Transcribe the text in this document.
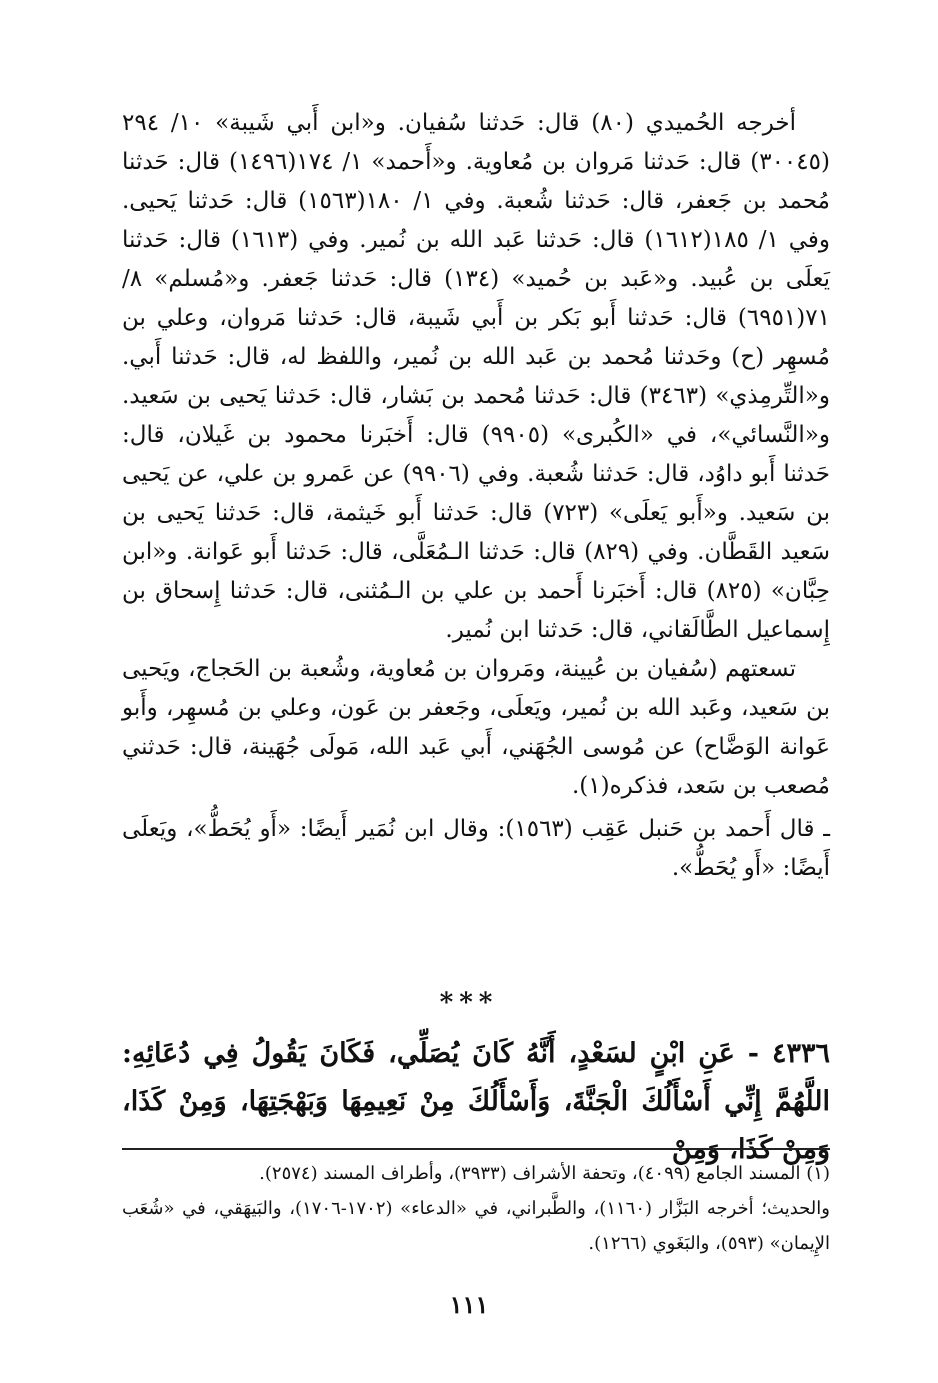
أخرجه الحُميدي (٨٠) قال: حَدثنا سُفيان. و«ابن أَبي شَيبة» ١٠/ ٢٩٤ (٣٠٠٤٥) قال: حَدثنا مَروان بن مُعاوية. و«أَحمد» ١/ ١٧٤(١٤٩٦) قال: حَدثنا مُحمد بن جَعفر، قال: حَدثنا شُعبة. وفي ١/ ١٨٠(١٥٦٣) قال: حَدثنا يَحيى. وفي ١/ ١٨٥(١٦١٢) قال: حَدثنا عَبد الله بن نُمير. وفي (١٦١٣) قال: حَدثنا يَعلَى بن عُبيد. و«عَبد بن حُميد» (١٣٤) قال: حَدثنا جَعفر. و«مُسلم» ٨/ ٧١(٦٩٥١) قال: حَدثنا أَبو بَكر بن أَبي شَيبة، قال: حَدثنا مَروان، وعلي بن مُسهِر (ح) وحَدثنا مُحمد بن عَبد الله بن نُمير، واللفظ له، قال: حَدثنا أَبي. و«التِّرمِذي» (٣٤٦٣) قال: حَدثنا مُحمد بن بَشار، قال: حَدثنا يَحيى بن سَعيد. و«النَّسائي»، في «الكُبرى» (٩٩٠٥) قال: أَخبَرنا محمود بن غَيلان، قال: حَدثنا أَبو داوُد، قال: حَدثنا شُعبة. وفي (٩٩٠٦) عن عَمرو بن علي، عن يَحيى بن سَعيد. و«أَبو يَعلَى» (٧٢٣) قال: حَدثنا أَبو خَيثمة، قال: حَدثنا يَحيى بن سَعيد القَطَّان. وفي (٨٢٩) قال: حَدثنا الـمُعَلَّى، قال: حَدثنا أَبو عَوانة. و«ابن حِبَّان» (٨٢٥) قال: أَخبَرنا أَحمد بن علي بن الـمُثنى، قال: حَدثنا إِسحاق بن إِسماعيل الطَّالَقاني، قال: حَدثنا ابن نُمير.

تسعتهم (سُفيان بن عُيينة، ومَروان بن مُعاوية، وشُعبة بن الحَجاج، ويَحيى بن سَعيد، وعَبد الله بن نُمير، ويَعلَى، وجَعفر بن عَون، وعلي بن مُسهِر، وأَبو عَوانة الوَضَّاح) عن مُوسى الجُهَني، أَبي عَبد الله، مَولَى جُهَينة، قال: حَدثني مُصعب بن سَعد، فذكره(١).

ـ قال أَحمد بن حَنبل عَقِب (١٥٦٣): وقال ابن نُمَير أَيضًا: «أَو يُحَطُّ»، ويَعلَى أَيضًا: «أَو يُحَطُّ».

***
٤٣٣٦ - عَنِ ابْنٍ لسَعْدٍ، أَنَّهُ كَانَ يُصَلِّي، فَكَانَ يَقُولُ فِي دُعَائِهِ: اللَّهُمَّ إِنِّي أَسْأَلُكَ الْجَنَّةَ، وَأَسْأَلُكَ مِنْ نَعِيمِهَا وَبَهْجَتِهَا، وَمِنْ كَذَا، وَمِنْ كَذَا، وَمِنْ

(١) المسند الجامع (٤٠٩٩)، وتحفة الأشراف (٣٩٣٣)، وأطراف المسند (٢٥٧٤).

والحديث؛ أخرجه البَزَّار (١١٦٠)، والطَّبراني، في «الدعاء» (١٧٠٢-١٧٠٦)، والبَيهَقي، في «شُعَب الإِيمان» (٥٩٣)، والبَغَوي (١٢٦٦).

١١١
